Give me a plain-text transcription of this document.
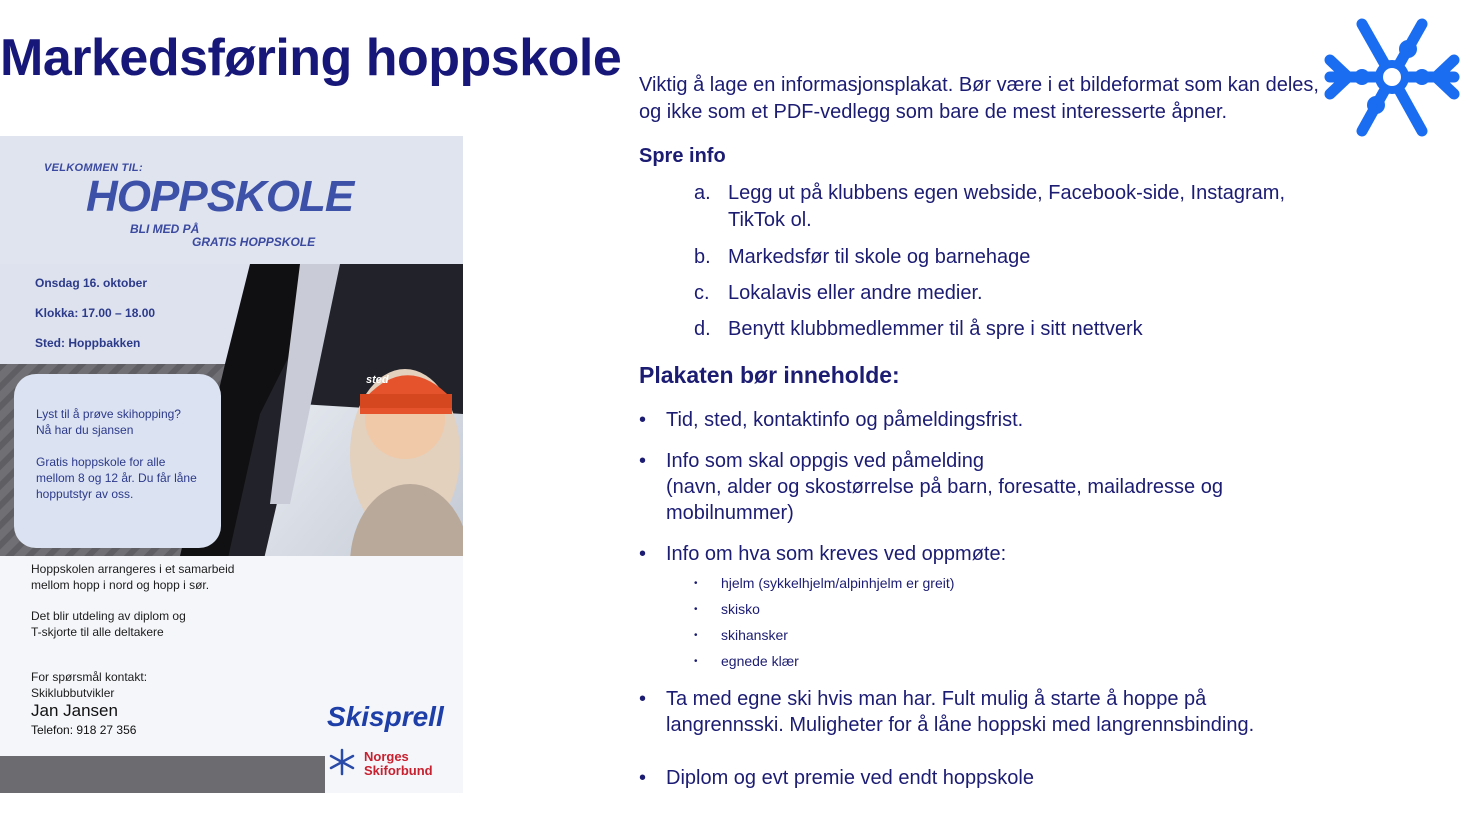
Markedsføring hoppskole
VELKOMMEN TIL:
HOPPSKOLE
BLI MED PÅ
GRATIS HOPPSKOLE
Onsdag 16. oktober
Klokka: 17.00 – 18.00
Sted: Hoppbakken
Lyst til å prøve skihopping?
Nå har du sjansen
Gratis hoppskole for alle
mellom 8 og 12 år. Du får låne
hopputstyr av oss.
Hoppskolen arrangeres i et samarbeid
mellom hopp i nord og hopp i sør.
Det blir utdeling av diplom og
T-skjorte til alle deltakere
For spørsmål kontakt:
Skiklubbutvikler
Jan Jansen
Telefon: 918 27 356	Skisprell
Norges
Skiforbund
sted

Viktig å lage en informasjonsplakat. Bør være i et bildeformat som kan deles, og ikke som et PDF-vedlegg som bare de mest interesserte åpner.

Spre info
a. Legg ut på klubbens egen webside, Facebook-side, Instagram, TikTok ol.
b. Markedsfør til skole og barnehage
c. Lokalavis eller andre medier.
d. Benytt klubbmedlemmer til å spre i sitt nettverk
Plakaten bør inneholde:
• Tid, sted, kontaktinfo og påmeldingsfrist.
• Info som skal oppgis ved påmelding
(navn, alder og skostørrelse på barn, foresatte, mailadresse og mobilnummer)
• Info om hva som kreves ved oppmøte:
• hjelm (sykkelhjelm/alpinhjelm er greit)
• skisko
• skihansker
• egnede klær
• Ta med egne ski hvis man har. Fult mulig å starte å hoppe på langrennsski. Muligheter for å låne hoppski med langrennsbinding.
• Diplom og evt premie ved endt hoppskole
